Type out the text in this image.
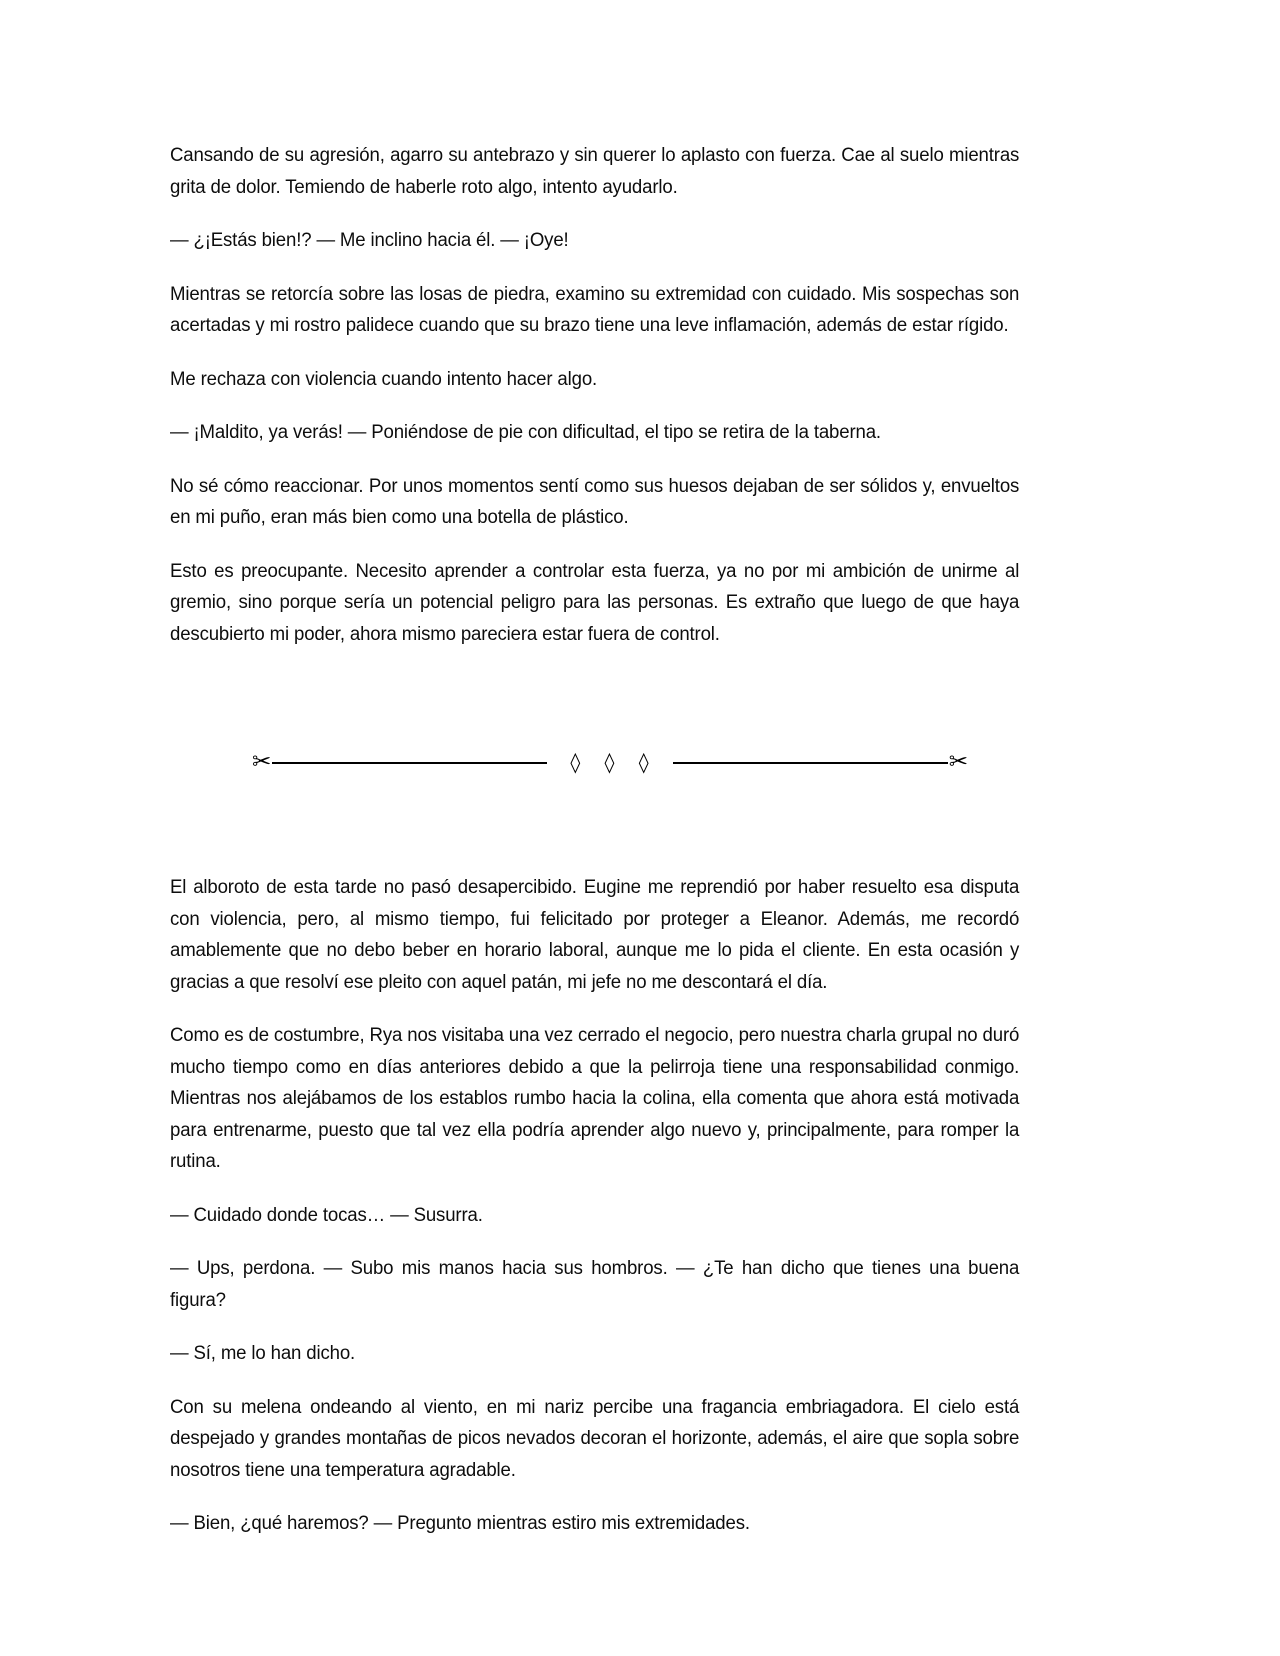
Cansando de su agresión, agarro su antebrazo y sin querer lo aplasto con fuerza. Cae al suelo mientras grita de dolor. Temiendo de haberle roto algo, intento ayudarlo.

— ¿¡Estás bien!? — Me inclino hacia él. — ¡Oye!

Mientras se retorcía sobre las losas de piedra, examino su extremidad con cuidado. Mis sospechas son acertadas y mi rostro palidece cuando que su brazo tiene una leve inflamación, además de estar rígido.

Me rechaza con violencia cuando intento hacer algo.

— ¡Maldito, ya verás! — Poniéndose de pie con dificultad, el tipo se retira de la taberna.

No sé cómo reaccionar. Por unos momentos sentí como sus huesos dejaban de ser sólidos y, envueltos en mi puño, eran más bien como una botella de plástico.

Esto es preocupante. Necesito aprender a controlar esta fuerza, ya no por mi ambición de unirme al gremio, sino porque sería un potencial peligro para las personas. Es extraño que luego de que haya descubierto mi poder, ahora mismo pareciera estar fuera de control.

✂	◊ ◊ ◊	✂

El alboroto de esta tarde no pasó desapercibido. Eugine me reprendió por haber resuelto esa disputa con violencia, pero, al mismo tiempo, fui felicitado por proteger a Eleanor. Además, me recordó amablemente que no debo beber en horario laboral, aunque me lo pida el cliente. En esta ocasión y gracias a que resolví ese pleito con aquel patán, mi jefe no me descontará el día.

Como es de costumbre, Rya nos visitaba una vez cerrado el negocio, pero nuestra charla grupal no duró mucho tiempo como en días anteriores debido a que la pelirroja tiene una responsabilidad conmigo. Mientras nos alejábamos de los establos rumbo hacia la colina, ella comenta que ahora está motivada para entrenarme, puesto que tal vez ella podría aprender algo nuevo y, principalmente, para romper la rutina.

— Cuidado donde tocas… — Susurra.

— Ups, perdona. — Subo mis manos hacia sus hombros. — ¿Te han dicho que tienes una buena figura?

— Sí, me lo han dicho.

Con su melena ondeando al viento, en mi nariz percibe una fragancia embriagadora. El cielo está despejado y grandes montañas de picos nevados decoran el horizonte, además, el aire que sopla sobre nosotros tiene una temperatura agradable.

— Bien, ¿qué haremos? — Pregunto mientras estiro mis extremidades.
